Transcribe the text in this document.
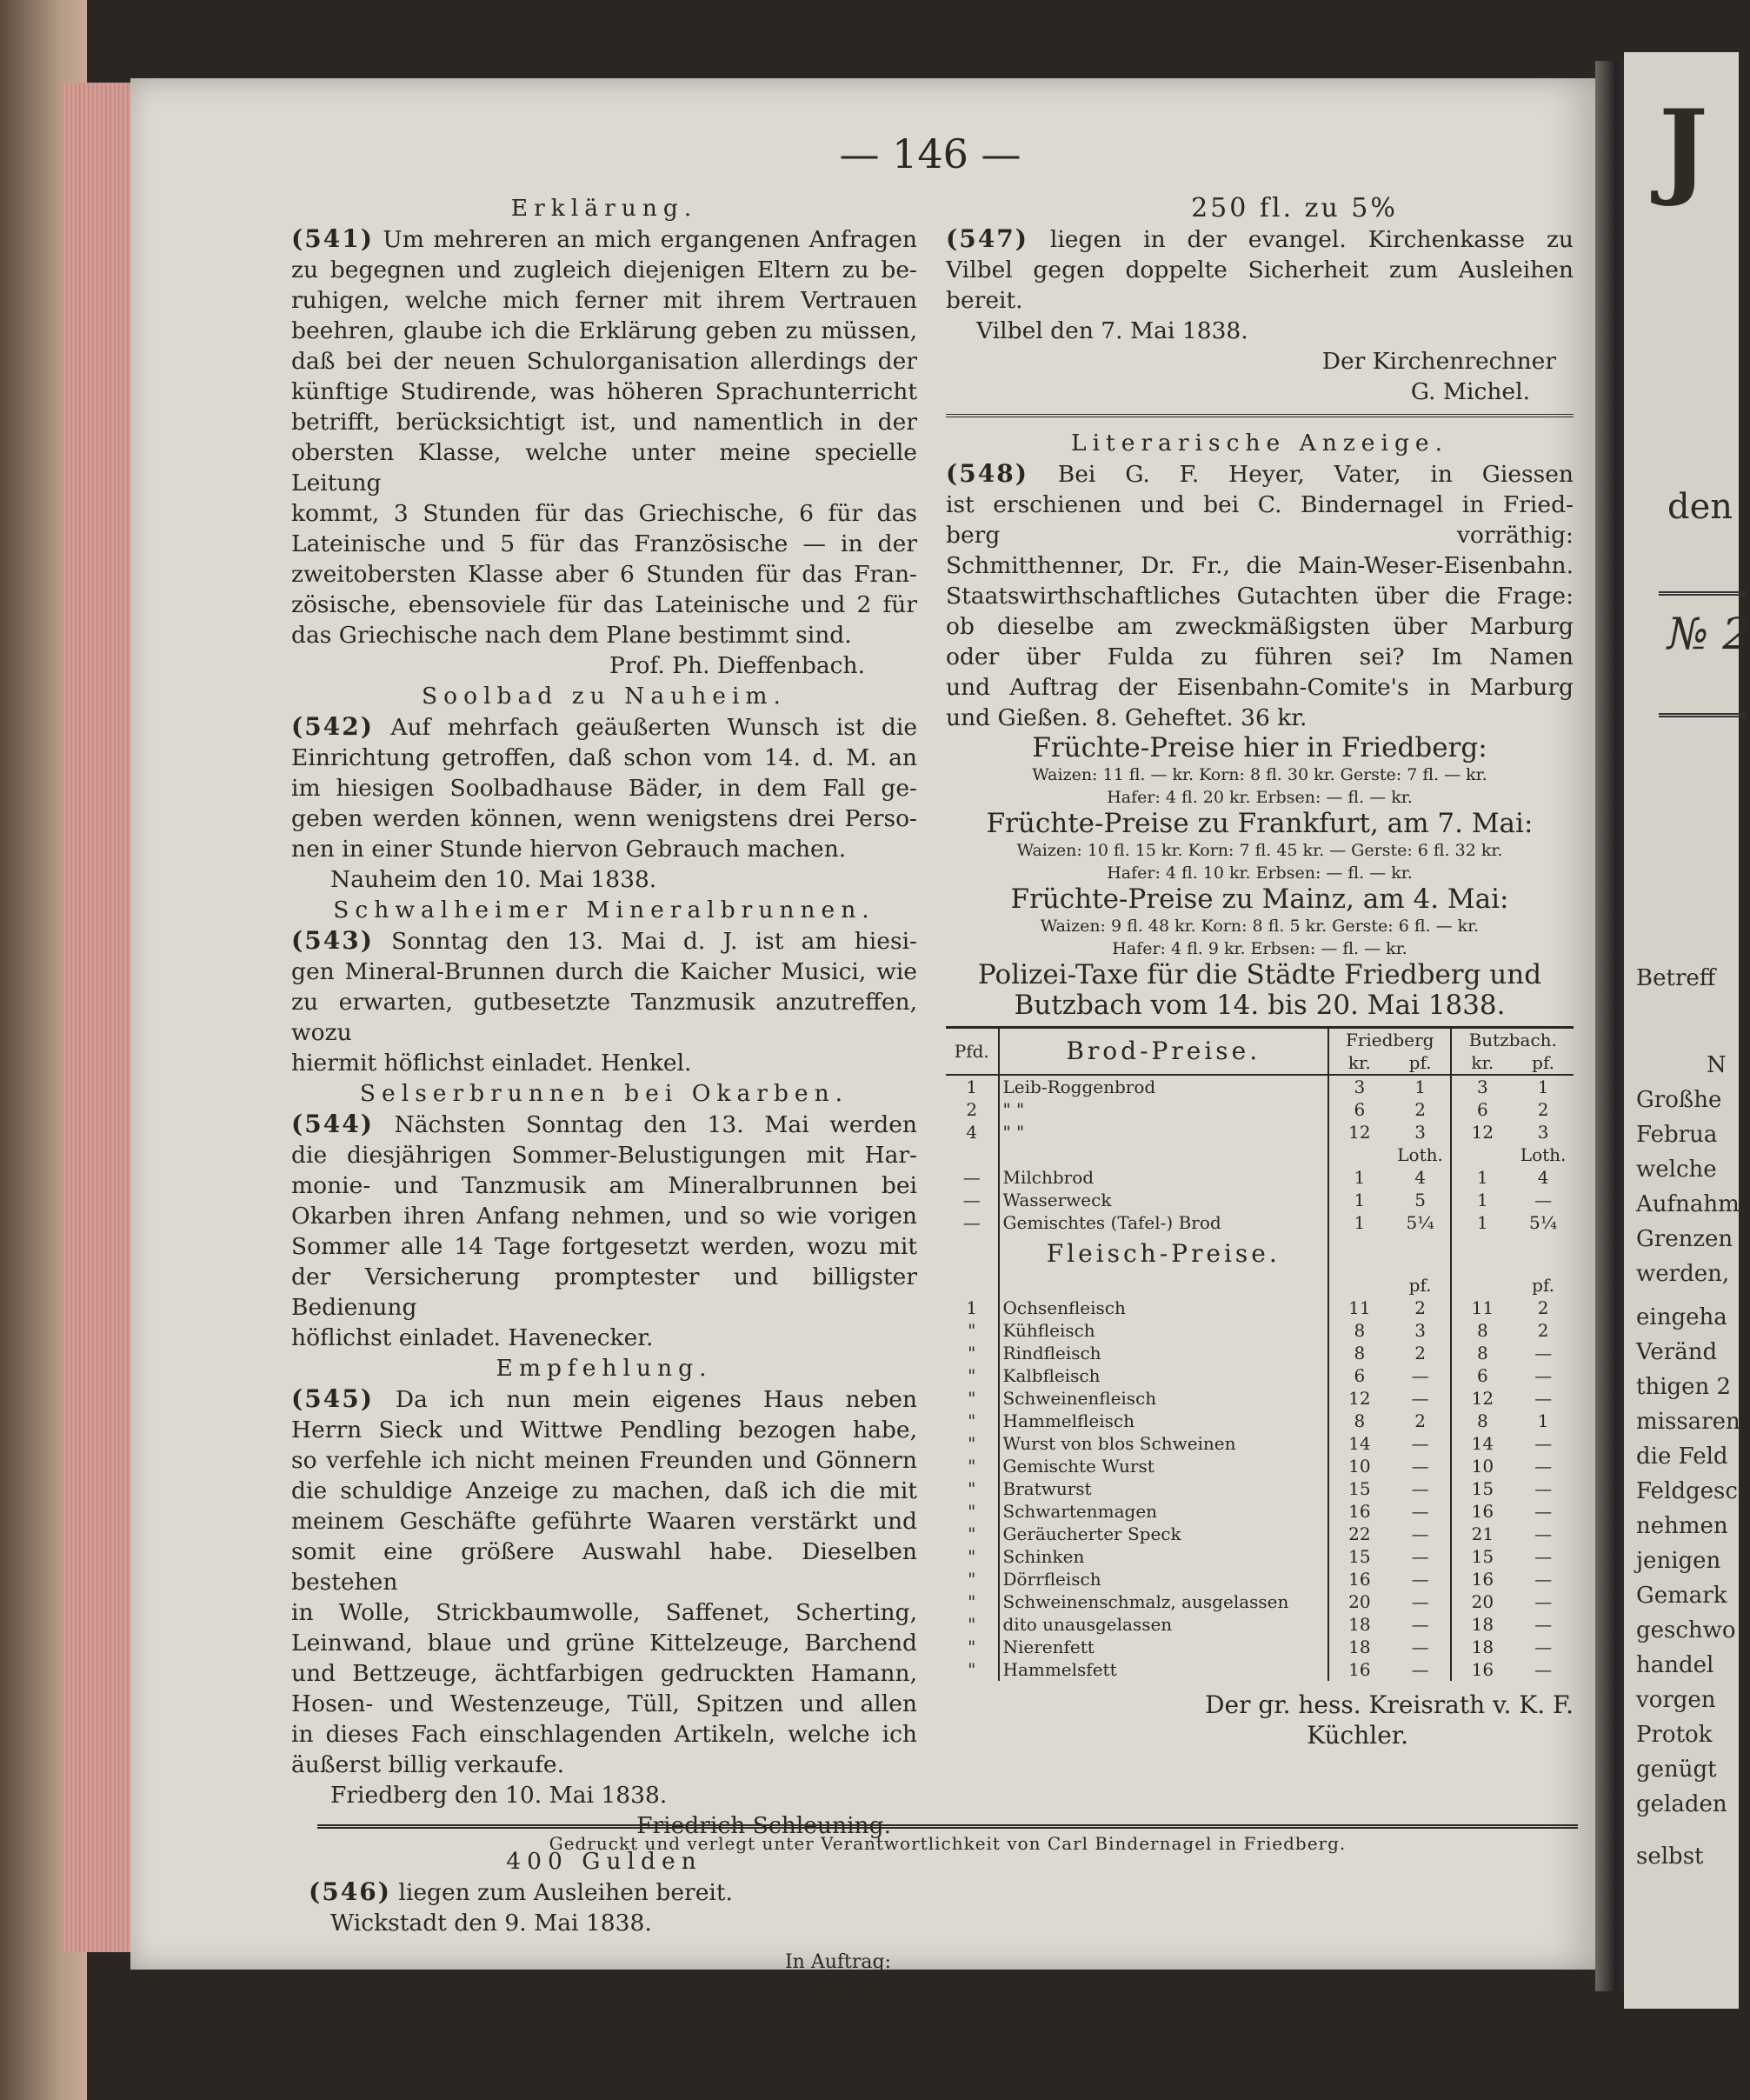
J
den
№ 2
Betreff
N
Großhe
Februa
welche
Aufnahm
Grenzen
werden,
eingeha
Veränd
thigen 2
missaren
die Feld
Feldgesc
nehmen
jenigen
Gemark
geschwo
handel
vorgen
Protok
genügt
geladen
selbst
— 146 —

Erklärung.

(541) Um mehreren an mich ergangenen Anfragen

zu begegnen und zugleich diejenigen Eltern zu be-

ruhigen, welche mich ferner mit ihrem Vertrauen

beehren, glaube ich die Erklärung geben zu müssen,

daß bei der neuen Schulorganisation allerdings der

künftige Studirende, was höheren Sprachunterricht

betrifft, berücksichtigt ist, und namentlich in der

obersten Klasse, welche unter meine specielle Leitung

kommt, 3 Stunden für das Griechische, 6 für das

Lateinische und 5 für das Französische — in der

zweitobersten Klasse aber 6 Stunden für das Fran-

zösische, ebensoviele für das Lateinische und 2 für

das Griechische nach dem Plane bestimmt sind.

Prof. Ph. Dieffenbach.

Soolbad zu Nauheim.

(542) Auf mehrfach geäußerten Wunsch ist die

Einrichtung getroffen, daß schon vom 14. d. M. an

im hiesigen Soolbadhause Bäder, in dem Fall ge-

geben werden können, wenn wenigstens drei Perso-

nen in einer Stunde hiervon Gebrauch machen.

Nauheim den 10. Mai 1838.

Schwalheimer Mineralbrunnen.

(543) Sonntag den 13. Mai d. J. ist am hiesi-

gen Mineral-Brunnen durch die Kaicher Musici, wie

zu erwarten, gutbesetzte Tanzmusik anzutreffen, wozu

hiermit höflichst einladet. Henkel.

Selserbrunnen bei Okarben.

(544) Nächsten Sonntag den 13. Mai werden

die diesjährigen Sommer-Belustigungen mit Har-

monie- und Tanzmusik am Mineralbrunnen bei

Okarben ihren Anfang nehmen, und so wie vorigen

Sommer alle 14 Tage fortgesetzt werden, wozu mit

der Versicherung promptester und billigster Bedienung

höflichst einladet. Havenecker.

Empfehlung.

(545) Da ich nun mein eigenes Haus neben

Herrn Sieck und Wittwe Pendling bezogen habe,

so verfehle ich nicht meinen Freunden und Gönnern

die schuldige Anzeige zu machen, daß ich die mit

meinem Geschäfte geführte Waaren verstärkt und

somit eine größere Auswahl habe. Dieselben bestehen

in Wolle, Strickbaumwolle, Saffenet, Scherting,

Leinwand, blaue und grüne Kittelzeuge, Barchend

und Bettzeuge, ächtfarbigen gedruckten Hamann,

Hosen- und Westenzeuge, Tüll, Spitzen und allen

in dieses Fach einschlagenden Artikeln, welche ich

äußerst billig verkaufe.

Friedberg den 10. Mai 1838.

Friedrich Schleuning.

400 Gulden

(546) liegen zum Ausleihen bereit.

Wickstadt den 9. Mai 1838.

In Auftrag:

Veith.

250 fl. zu 5%

(547) liegen in der evangel. Kirchenkasse zu

Vilbel gegen doppelte Sicherheit zum Ausleihen bereit.

Vilbel den 7. Mai 1838.

Der Kirchenrechner

G. Michel.

Literarische Anzeige.

(548) Bei G. F. Heyer, Vater, in Giessen

ist erschienen und bei C. Bindernagel in Fried-

berg vorräthig:

Schmitthenner, Dr. Fr., die Main-Weser-Eisenbahn.

Staatswirthschaftliches Gutachten über die Frage:

ob dieselbe am zweckmäßigsten über Marburg

oder über Fulda zu führen sei? Im Namen

und Auftrag der Eisenbahn-Comite's in Marburg

und Gießen. 8. Geheftet. 36 kr.

Früchte-Preise hier in Friedberg:

Waizen: 11 fl. — kr. Korn: 8 fl. 30 kr. Gerste: 7 fl. — kr.

Hafer: 4 fl. 20 kr. Erbsen: — fl. — kr.

Früchte-Preise zu Frankfurt, am 7. Mai:

Waizen: 10 fl. 15 kr. Korn: 7 fl. 45 kr. — Gerste: 6 fl. 32 kr.

Hafer: 4 fl. 10 kr. Erbsen: — fl. — kr.

Früchte-Preise zu Mainz, am 4. Mai:

Waizen: 9 fl. 48 kr. Korn: 8 fl. 5 kr. Gerste: 6 fl. — kr.

Hafer: 4 fl. 9 kr. Erbsen: — fl. — kr.

Polizei-Taxe für die Städte Friedberg und

Butzbach vom 14. bis 20. Mai 1838.

Pfd.	Brod-Preise.	Friedberg		Butzbach.	
		kr.	pf.	kr.	pf.
1	Leib-Roggenbrod	3	1	3	1
2	" "	6	2	6	2
4	" "	12	3	12	3
			Loth.		Loth.
—	Milchbrod	1	4	1	4
—	Wasserweck	1	5	1	—
—	Gemischtes (Tafel-) Brod	1	5¼	1	5¼
	Fleisch-Preise.				
			pf.		pf.
1	Ochsenfleisch	11	2	11	2
"	Kühfleisch	8	3	8	2
"	Rindfleisch	8	2	8	—
"	Kalbfleisch	6	—	6	—
"	Schweinenfleisch	12	—	12	—
"	Hammelfleisch	8	2	8	1
"	Wurst von blos Schweinen	14	—	14	—
"	Gemischte Wurst	10	—	10	—
"	Bratwurst	15	—	15	—
"	Schwartenmagen	16	—	16	—
"	Geräucherter Speck	22	—	21	—
"	Schinken	15	—	15	—
"	Dörrfleisch	16	—	16	—
"	Schweinenschmalz, ausgelassen	20	—	20	—
"	dito unausgelassen	18	—	18	—
"	Nierenfett	18	—	18	—
"	Hammelsfett	16	—	16	—

Der gr. hess. Kreisrath v. K. F.

Küchler.

Gedruckt und verlegt unter Verantwortlichkeit von Carl Bindernagel in Friedberg.
